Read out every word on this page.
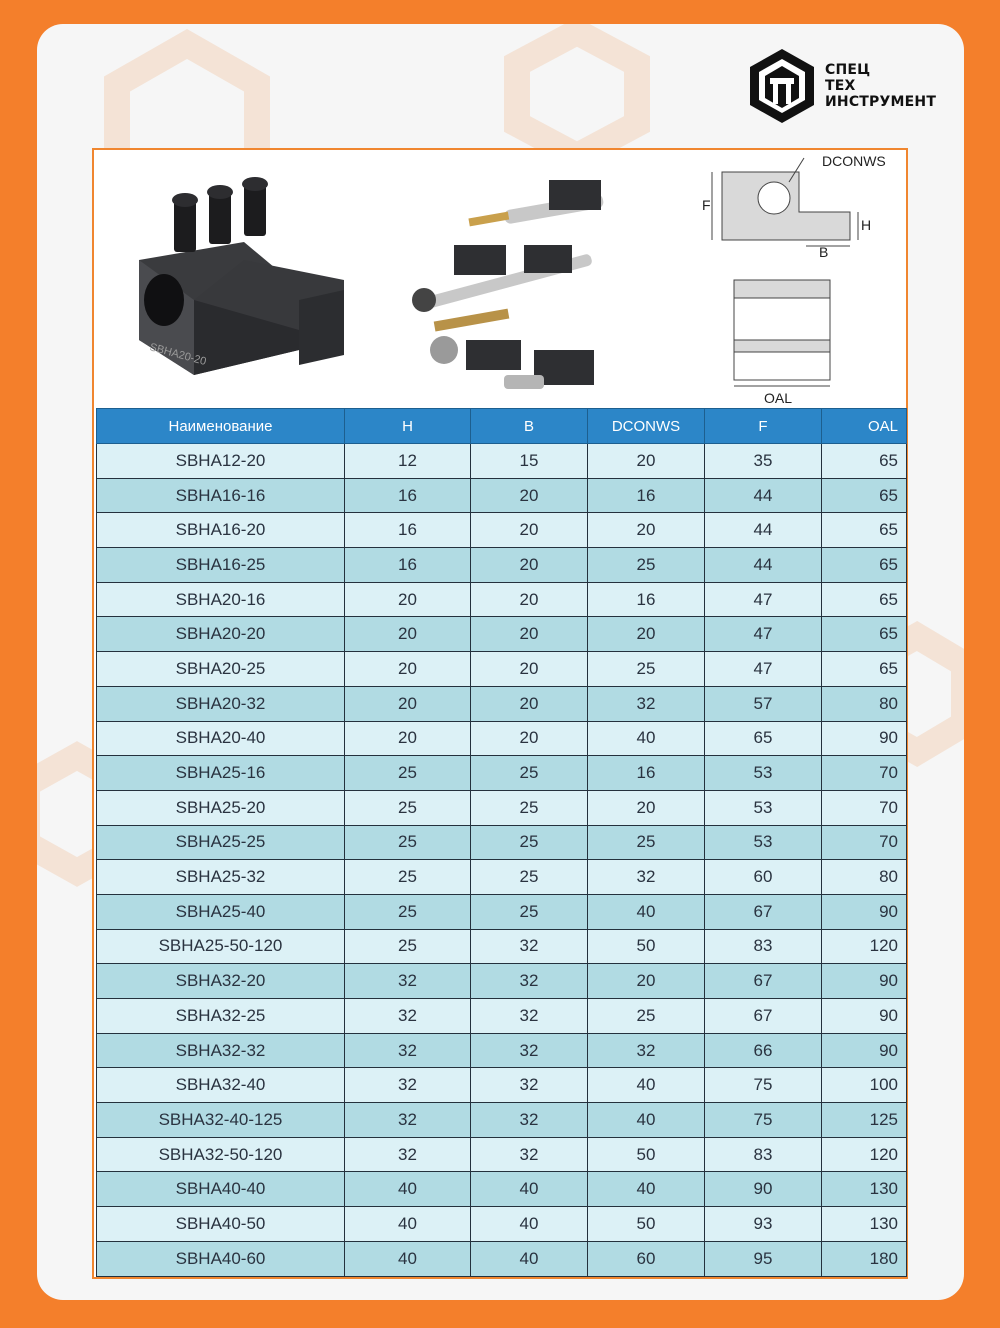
СПЕЦ
ТЕХ
ИНСТРУМЕНТ
SBHA20-20
DCONWS
F
H
B
OAL
Наименование	H	B	DCONWS	F	OAL
SBHA12-20	12	15	20	35	65
SBHA16-16	16	20	16	44	65
SBHA16-20	16	20	20	44	65
SBHA16-25	16	20	25	44	65
SBHA20-16	20	20	16	47	65
SBHA20-20	20	20	20	47	65
SBHA20-25	20	20	25	47	65
SBHA20-32	20	20	32	57	80
SBHA20-40	20	20	40	65	90
SBHA25-16	25	25	16	53	70
SBHA25-20	25	25	20	53	70
SBHA25-25	25	25	25	53	70
SBHA25-32	25	25	32	60	80
SBHA25-40	25	25	40	67	90
SBHA25-50-120	25	32	50	83	120
SBHA32-20	32	32	20	67	90
SBHA32-25	32	32	25	67	90
SBHA32-32	32	32	32	66	90
SBHA32-40	32	32	40	75	100
SBHA32-40-125	32	32	40	75	125
SBHA32-50-120	32	32	50	83	120
SBHA40-40	40	40	40	90	130
SBHA40-50	40	40	50	93	130
SBHA40-60	40	40	60	95	180
